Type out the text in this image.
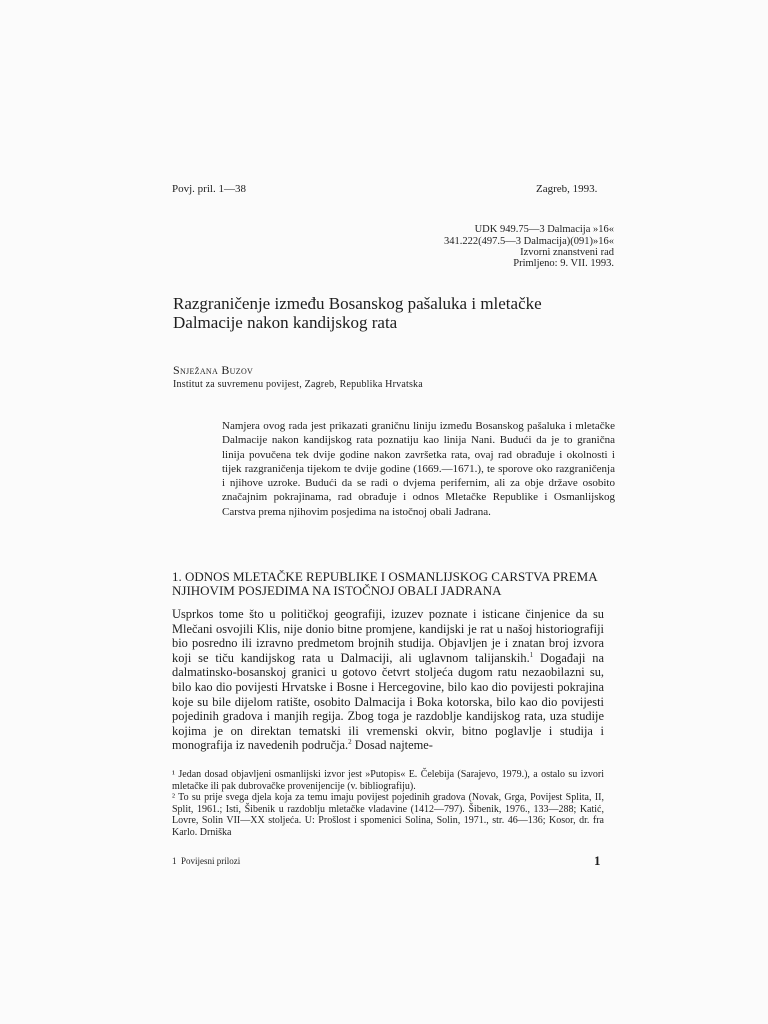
Povj. pril. 1—38	Zagreb, 1993.
UDK 949.75—3 Dalmacija »16«
341.222(497.5—3 Dalmacija)(091)»16«
Izvorni znanstveni rad
Primljeno: 9. VII. 1993.
Razgraničenje između Bosanskog pašaluka i mletačke Dalmacije nakon kandijskog rata
Snježana Buzov
Institut za suvremenu povijest, Zagreb, Republika Hrvatska
Namjera ovog rada jest prikazati graničnu liniju između Bosanskog pašaluka i mletačke Dalmacije nakon kandijskog rata poznatiju kao linija Nani. Budući da je to granična linija povučena tek dvije godine nakon završetka rata, ovaj rad obrađuje i okolnosti i tijek razgraničenja tijekom te dvije godine (1669.—1671.), te sporove oko razgraničenja i njihove uzroke. Budući da se radi o dvjema perifernim, ali za obje države osobito značajnim pokrajinama, rad obrađuje i odnos Mletačke Republike i Osmanlijskog Carstva prema njihovim posjedima na istočnoj obali Jadrana.
1. ODNOS MLETAČKE REPUBLIKE I OSMANLIJSKOG CARSTVA PREMA NJIHOVIM POSJEDIMA NA ISTOČNOJ OBALI JADRANA
Usprkos tome što u političkoj geografiji, izuzev poznate i isticane činjenice da su Mlečani osvojili Klis, nije donio bitne promjene, kandijski je rat u našoj historiografiji bio posredno ili izravno predmetom brojnih studija. Objavljen je i znatan broj izvora koji se tiču kandijskog rata u Dalmaciji, ali uglavnom talijanskih.$^1$ Događaji na dalmatinsko-bosanskoj granici u gotovo četvrt stoljeća dugom ratu nezaobilazni su, bilo kao dio povijesti Hrvatske i Bosne i Hercegovine, bilo kao dio povijesti pokrajina koje su bile dijelom ratište, osobito Dalmacija i Boka kotorska, bilo kao dio povijesti pojedinih gradova i manjih regija. Zbog toga je razdoblje kandijskog rata, uza studije kojima je on direktan tematski ili vremenski okvir, bitno poglavlje i studija i monografija iz navedenih područja.$^2$ Dosad najteme-

¹ Jedan dosad objavljeni osmanlijski izvor jest »Putopis« E. Čelebija (Sarajevo, 1979.), a ostalo su izvori mletačke ili pak dubrovačke provenijencije (v. bibliografiju).

² To su prije svega djela koja za temu imaju povijest pojedinih gradova (Novak, Grga, Povijest Splita, II, Split, 1961.; Isti, Šibenik u razdoblju mletačke vladavine (1412—797). Šibenik, 1976., 133—288; Katić, Lovre, Solin VII—XX stoljeća. U: Prošlost i spomenici Solina, Solin, 1971., str. 46—136; Kosor, dr. fra Karlo. Drniška

1  Povijesni prilozi	1
